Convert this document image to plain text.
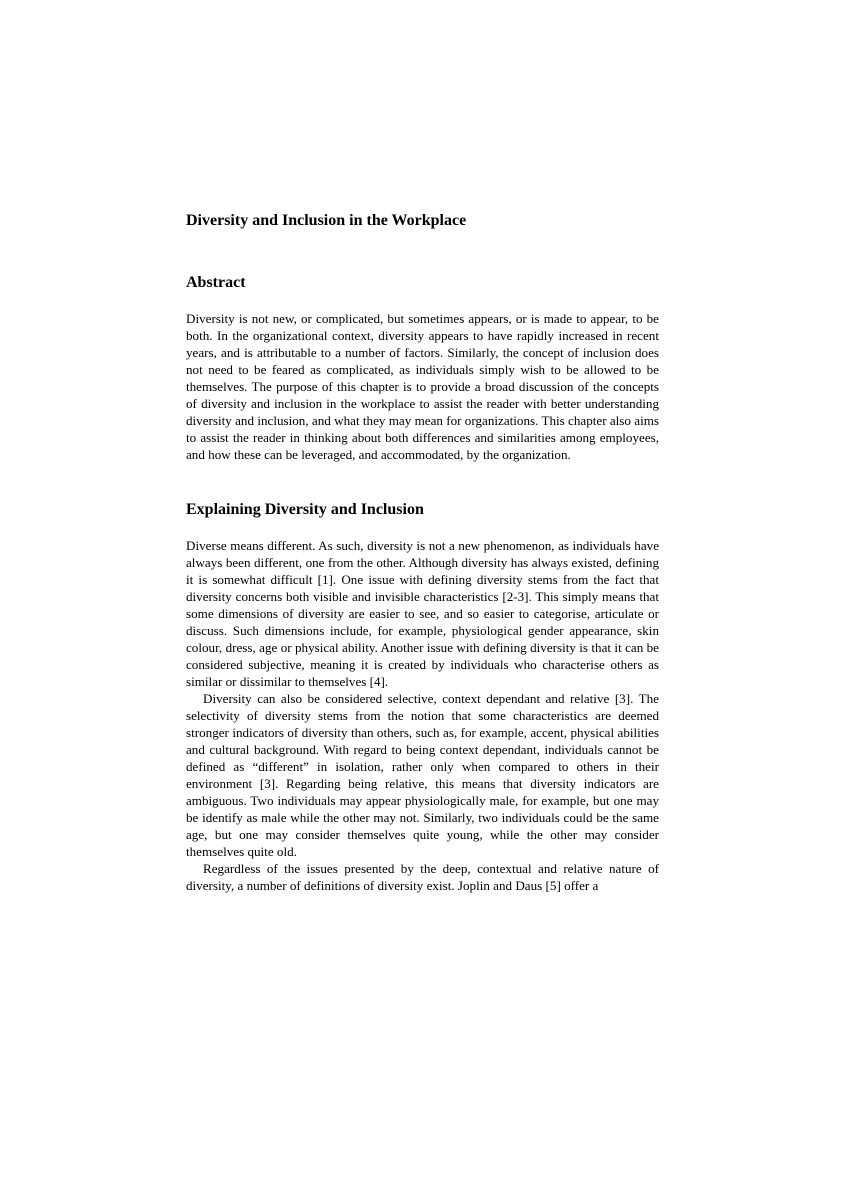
Diversity and Inclusion in the Workplace
Abstract

Diversity is not new, or complicated, but sometimes appears, or is made to appear, to be both. In the organizational context, diversity appears to have rapidly increased in recent years, and is attributable to a number of factors. Similarly, the concept of inclusion does not need to be feared as complicated, as individuals simply wish to be allowed to be themselves. The purpose of this chapter is to provide a broad discussion of the concepts of diversity and inclusion in the workplace to assist the reader with better understanding diversity and inclusion, and what they may mean for organizations. This chapter also aims to assist the reader in thinking about both differences and similarities among employees, and how these can be leveraged, and accommodated, by the organization.

Explaining Diversity and Inclusion

Diverse means different. As such, diversity is not a new phenomenon, as individuals have always been different, one from the other. Although diversity has always existed, defining it is somewhat difficult [1]. One issue with defining diversity stems from the fact that diversity concerns both visible and invisible characteristics [2-3]. This simply means that some dimensions of diversity are easier to see, and so easier to categorise, articulate or discuss. Such dimensions include, for example, physiological gender appearance, skin colour, dress, age or physical ability. Another issue with defining diversity is that it can be considered subjective, meaning it is created by individuals who characterise others as similar or dissimilar to themselves [4].

Diversity can also be considered selective, context dependant and relative [3]. The selectivity of diversity stems from the notion that some characteristics are deemed stronger indicators of diversity than others, such as, for example, accent, physical abilities and cultural background. With regard to being context dependant, individuals cannot be defined as “different” in isolation, rather only when compared to others in their environment [3]. Regarding being relative, this means that diversity indicators are ambiguous. Two individuals may appear physiologically male, for example, but one may be identify as male while the other may not. Similarly, two individuals could be the same age, but one may consider themselves quite young, while the other may consider themselves quite old.

Regardless of the issues presented by the deep, contextual and relative nature of diversity, a number of definitions of diversity exist. Joplin and Daus [5] offer a
